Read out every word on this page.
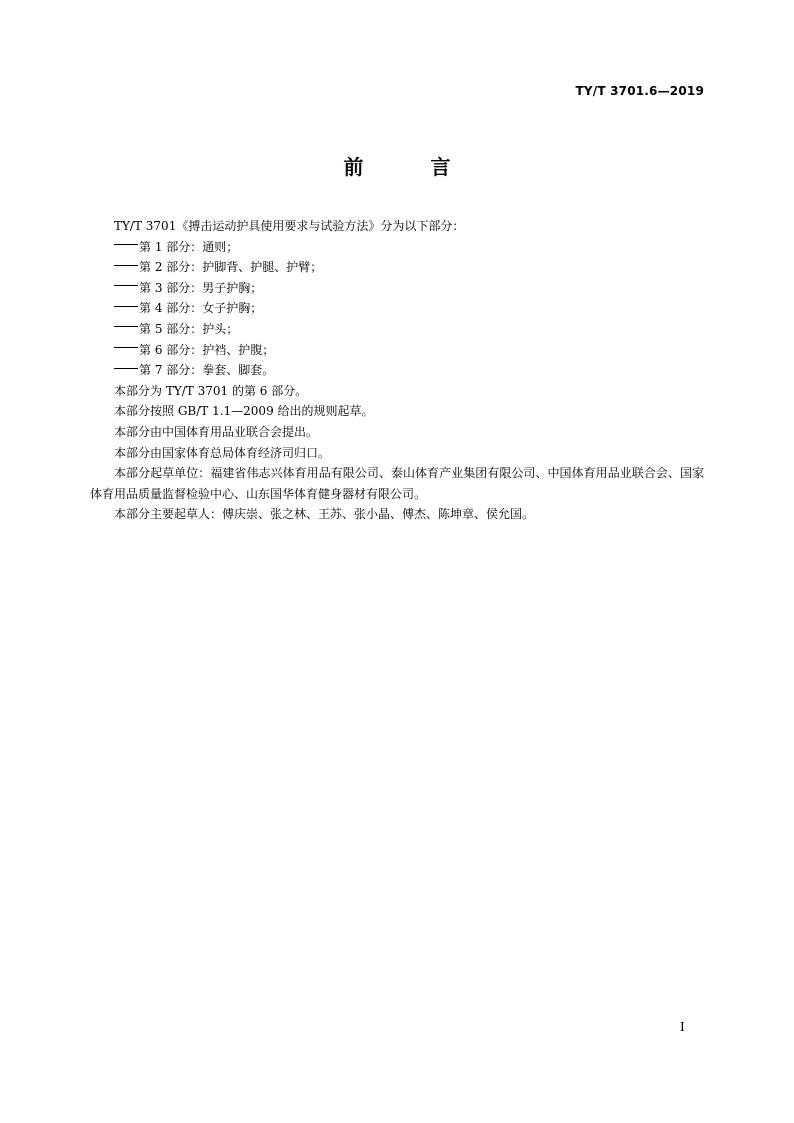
TY/T 3701.6—2019
前 言

TY/T 3701《搏击运动护具使用要求与试验方法》分为以下部分：

第 1 部分：通则；

第 2 部分：护脚背、护腿、护臂；

第 3 部分：男子护胸；

第 4 部分：女子护胸；

第 5 部分：护头；

第 6 部分：护裆、护腹；

第 7 部分：拳套、脚套。

本部分为 TY/T 3701 的第 6 部分。

本部分按照 GB/T 1.1—2009 给出的规则起草。

本部分由中国体育用品业联合会提出。

本部分由国家体育总局体育经济司归口。

本部分起草单位：福建省伟志兴体育用品有限公司、泰山体育产业集团有限公司、中国体育用品业联合会、国家体育用品质量监督检验中心、山东国华体育健身器材有限公司。

本部分主要起草人：傅庆崇、张之林、王苏、张小晶、傅杰、陈坤章、侯允国。

I
